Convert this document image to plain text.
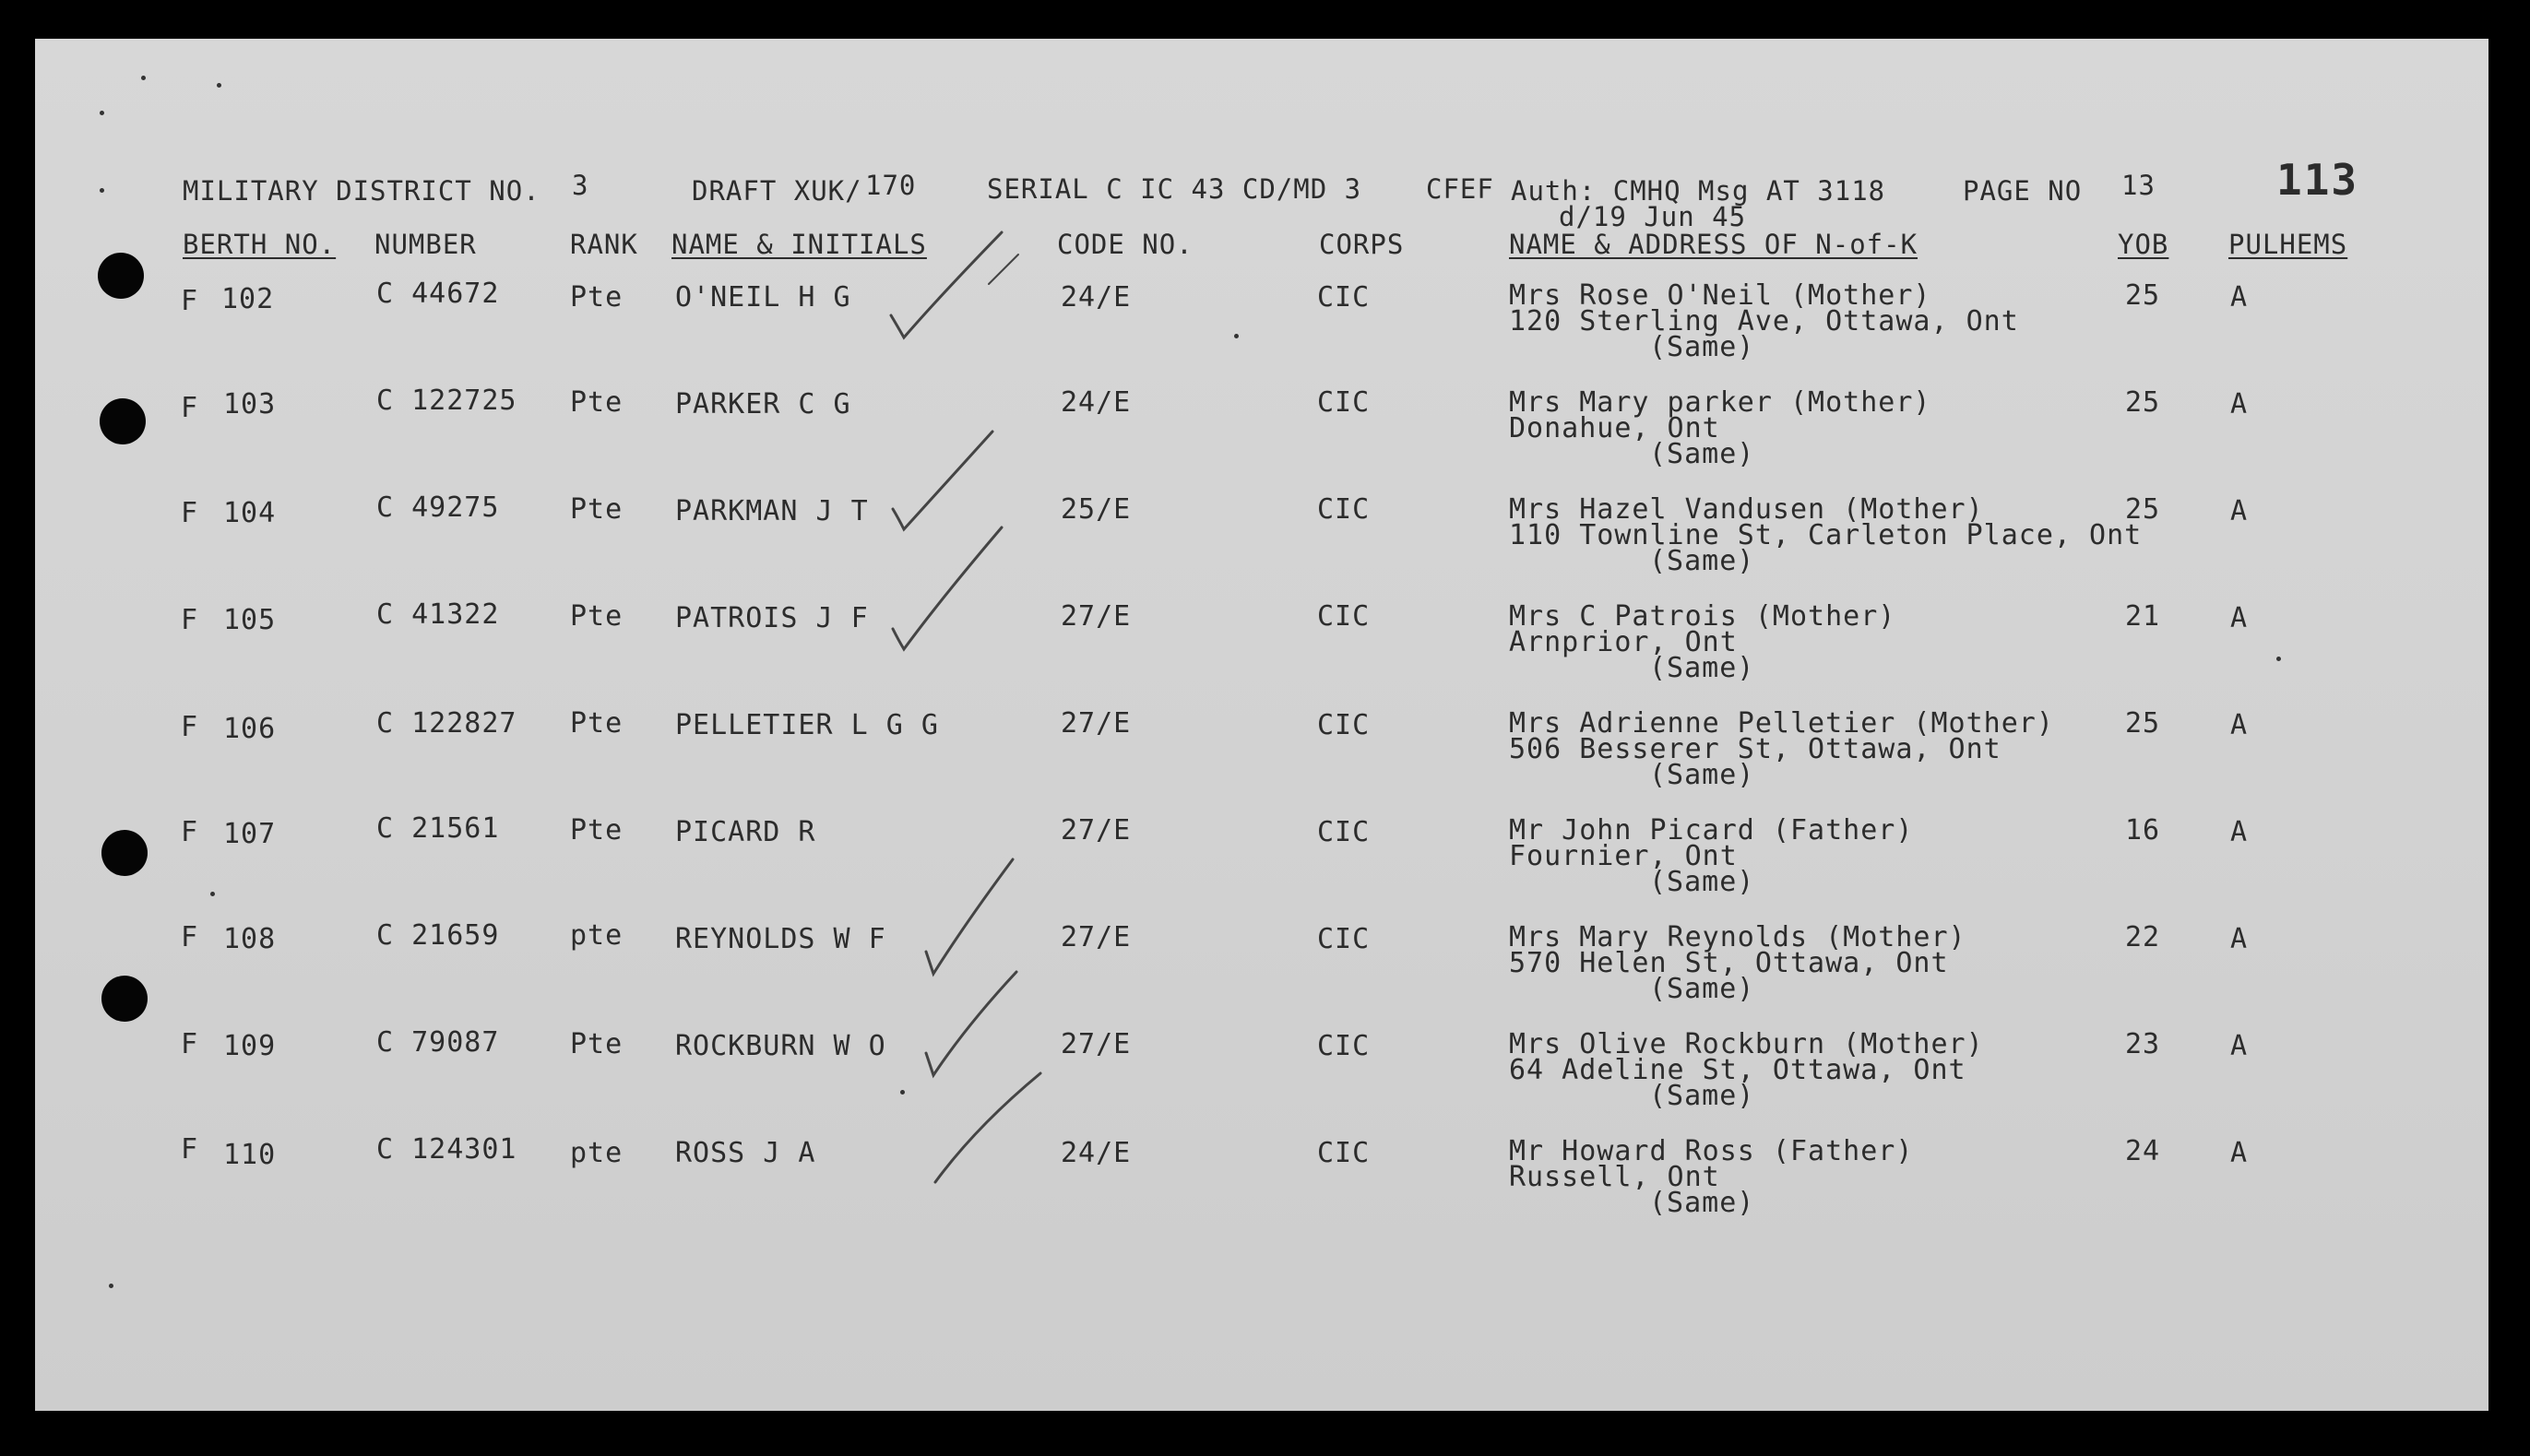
MILITARY DISTRICT NO. 3	DRAFT XUK/ 170	SERIAL C IC 43 CD/MD 3 CFEF Auth: CMHQ Msg AT 3118
d/19 Jun 45
PAGE NO 13	113
BERTH NO. NUMBER	RANK NAME & INITIALS	CODE NO.	CORPS	NAME & ADDRESS OF N-of-K	YOB PULHEMS
F 102	C 44672	Pte O'NEIL H G	24/E	CIC	Mrs Rose O'Neil (Mother)
120 Sterling Ave, Ottawa, Ont
(Same)
25	A
F 103	C 122725 Pte PARKER C G	24/E	CIC	Mrs Mary parker (Mother)
Donahue, Ont
(Same)
25	A
F 104	C 49275	Pte PARKMAN J T	25/E	CIC	Mrs Hazel Vandusen (Mother)
110 Townline St, Carleton Place, Ont
(Same)
25	A
F 105	C 41322	Pte PATROIS J F	27/E	CIC	Mrs C Patrois (Mother)
Arnprior, Ont
(Same)
21	A
F 106	C 122827 Pte PELLETIER L G G	27/E	CIC	Mrs Adrienne Pelletier (Mother)
506 Besserer St, Ottawa, Ont
(Same)
25	A
F 107	C 21561	Pte PICARD R	27/E	CIC	Mr John Picard (Father)
Fournier, Ont
(Same)
16	A
F 108	C 21659	pte REYNOLDS W F	27/E	CIC	Mrs Mary Reynolds (Mother)
570 Helen St, Ottawa, Ont
(Same)
22	A
F 109	C 79087	Pte ROCKBURN W O	27/E	CIC	Mrs Olive Rockburn (Mother)
64 Adeline St, Ottawa, Ont
(Same)
23	A
F 110	C 124301 pte ROSS J A	24/E	CIC	Mr Howard Ross (Father)
Russell, Ont
(Same)
24	A
